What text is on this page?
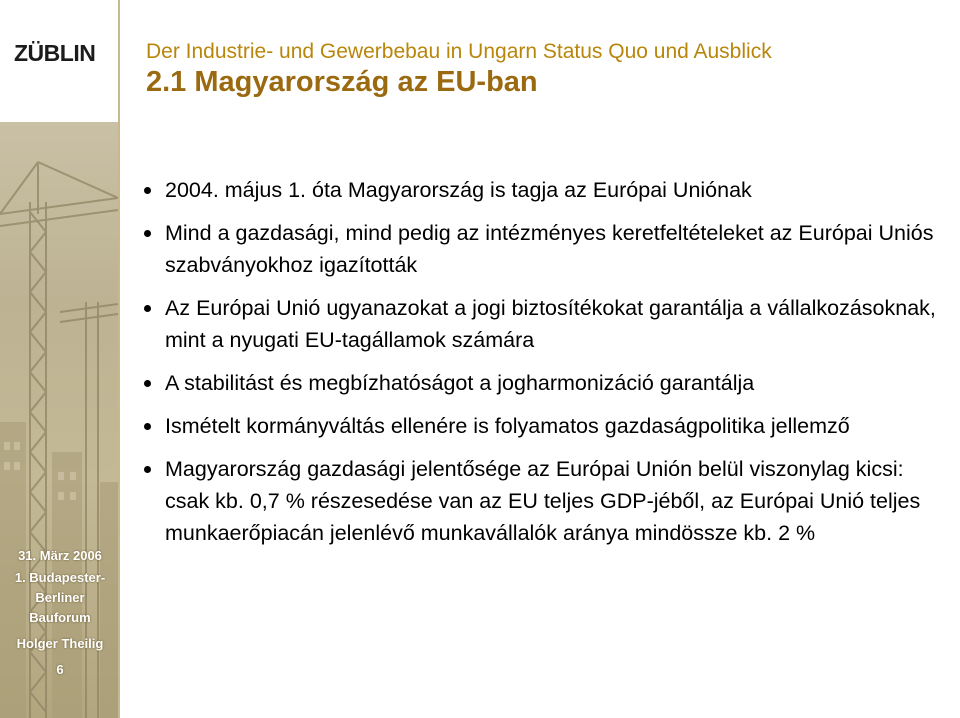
ZÜBLIN Der Industrie- und Gewerbebau in Ungarn Status Quo und Ausblick
2.1 Magyarország az EU-ban
31. März 2006
1. Budapester-Berliner Bauforum
Holger Theilig
6
2004. május 1. óta Magyarország is tagja az Európai Uniónak
Mind a gazdasági, mind pedig az intézményes keretfeltételeket az Európai Uniós szabványokhoz igazították
Az Európai Unió ugyanazokat a jogi biztosítékokat garantálja a vállalkozásoknak, mint a nyugati EU-tagállamok számára
A stabilitást és megbízhatóságot a jogharmonizáció garantálja
Ismételt kormányváltás ellenére is folyamatos gazdaságpolitika jellemző
Magyarország gazdasági jelentősége az Európai Unión belül viszonylag kicsi: csak kb. 0,7 % részesedése van az EU teljes GDP-jéből, az Európai Unió teljes munkaerőpiacán jelenlévő munkavállalók aránya mindössze kb. 2 %
